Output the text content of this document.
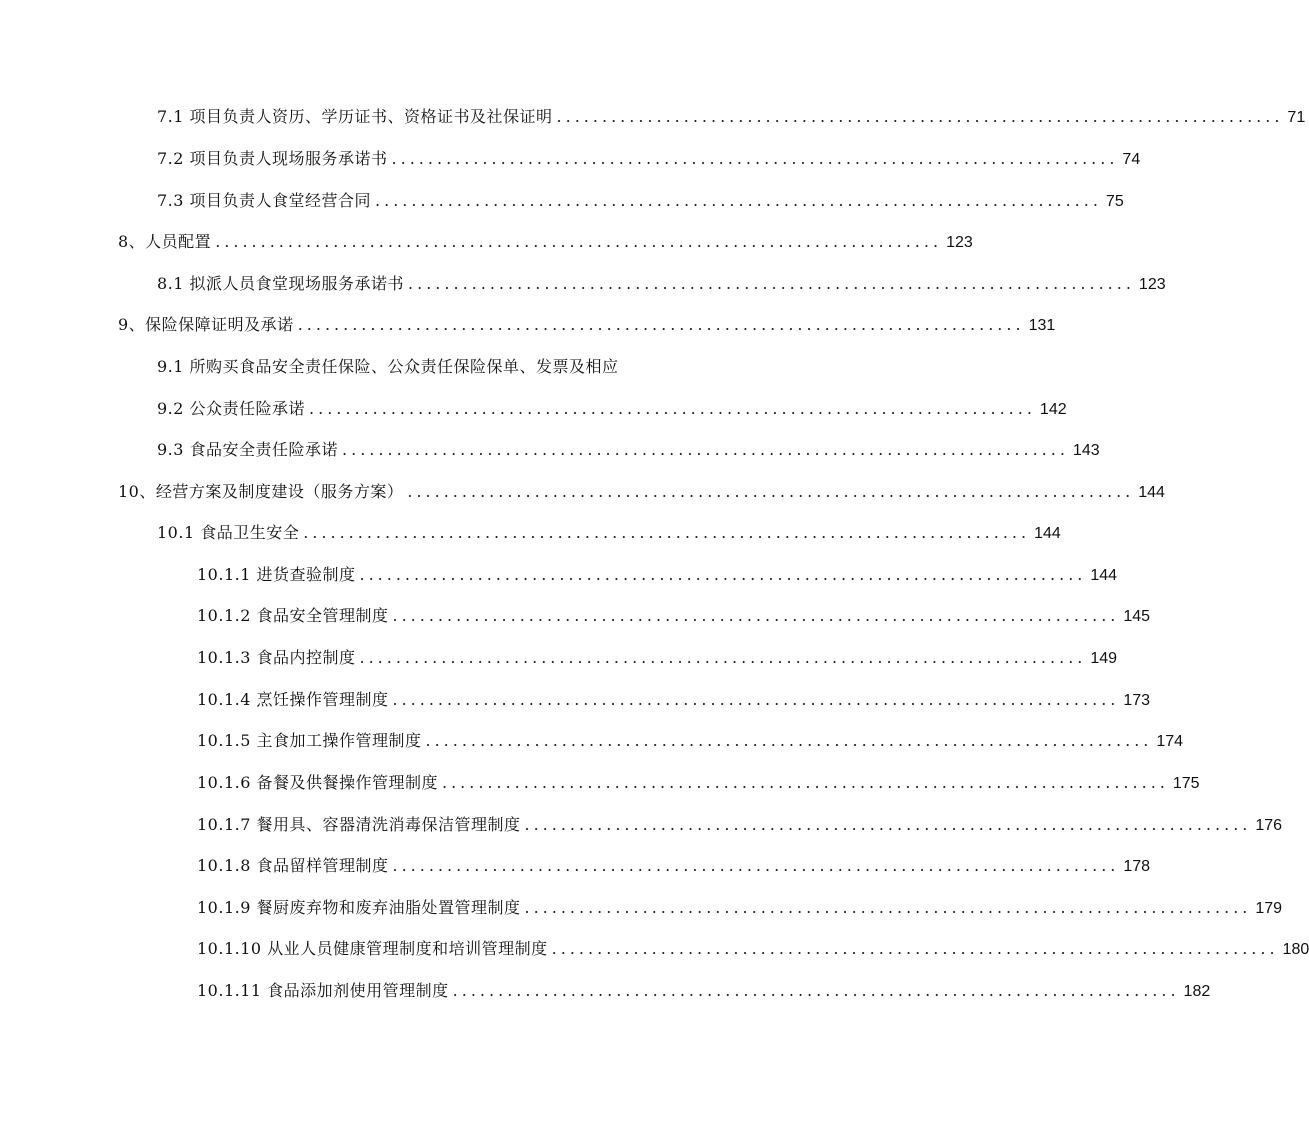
7.1 项目负责人资历、学历证书、资格证书及社保证明 ................................................................................ 71
7.2 项目负责人现场服务承诺书 ................................................................................ 74
7.3 项目负责人食堂经营合同 ................................................................................ 75
8、人员配置 ................................................................................ 123
8.1 拟派人员食堂现场服务承诺书 ................................................................................ 123
9、保险保障证明及承诺 ................................................................................ 131
9.1 所购买食品安全责任保险、公众责任保险保单、发票及相应
9.2 公众责任险承诺 ................................................................................ 142
9.3 食品安全责任险承诺 ................................................................................ 143
10、经营方案及制度建设（服务方案） ................................................................................ 144
10.1 食品卫生安全 ................................................................................ 144
10.1.1 进货查验制度 ................................................................................ 144
10.1.2 食品安全管理制度 ................................................................................ 145
10.1.3 食品内控制度 ................................................................................ 149
10.1.4 烹饪操作管理制度 ................................................................................ 173
10.1.5 主食加工操作管理制度 ................................................................................ 174
10.1.6 备餐及供餐操作管理制度 ................................................................................ 175
10.1.7 餐用具、容器清洗消毒保洁管理制度 ................................................................................ 176
10.1.8 食品留样管理制度 ................................................................................ 178
10.1.9 餐厨废弃物和废弃油脂处置管理制度 ................................................................................ 179
10.1.10 从业人员健康管理制度和培训管理制度 ................................................................................ 180
10.1.11 食品添加剂使用管理制度 ................................................................................ 182
